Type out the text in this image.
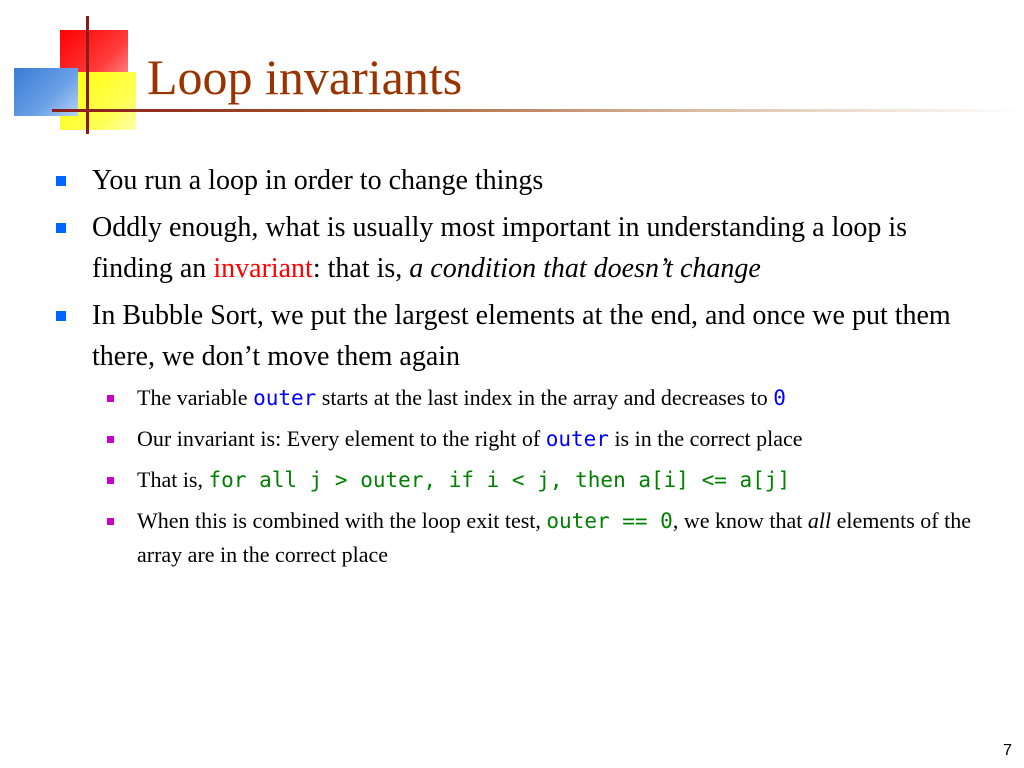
Loop invariants
You run a loop in order to change things
Oddly enough, what is usually most important in understanding a loop is finding an invariant: that is, a condition that doesn’t change
In Bubble Sort, we put the largest elements at the end, and once we put them there, we don’t move them again
The variable outer starts at the last index in the array and decreases to 0
Our invariant is: Every element to the right of outer is in the correct place
That is, for all j > outer, if i < j, then a[i] <= a[j]
When this is combined with the loop exit test, outer == 0, we know that all elements of the array are in the correct place
7
